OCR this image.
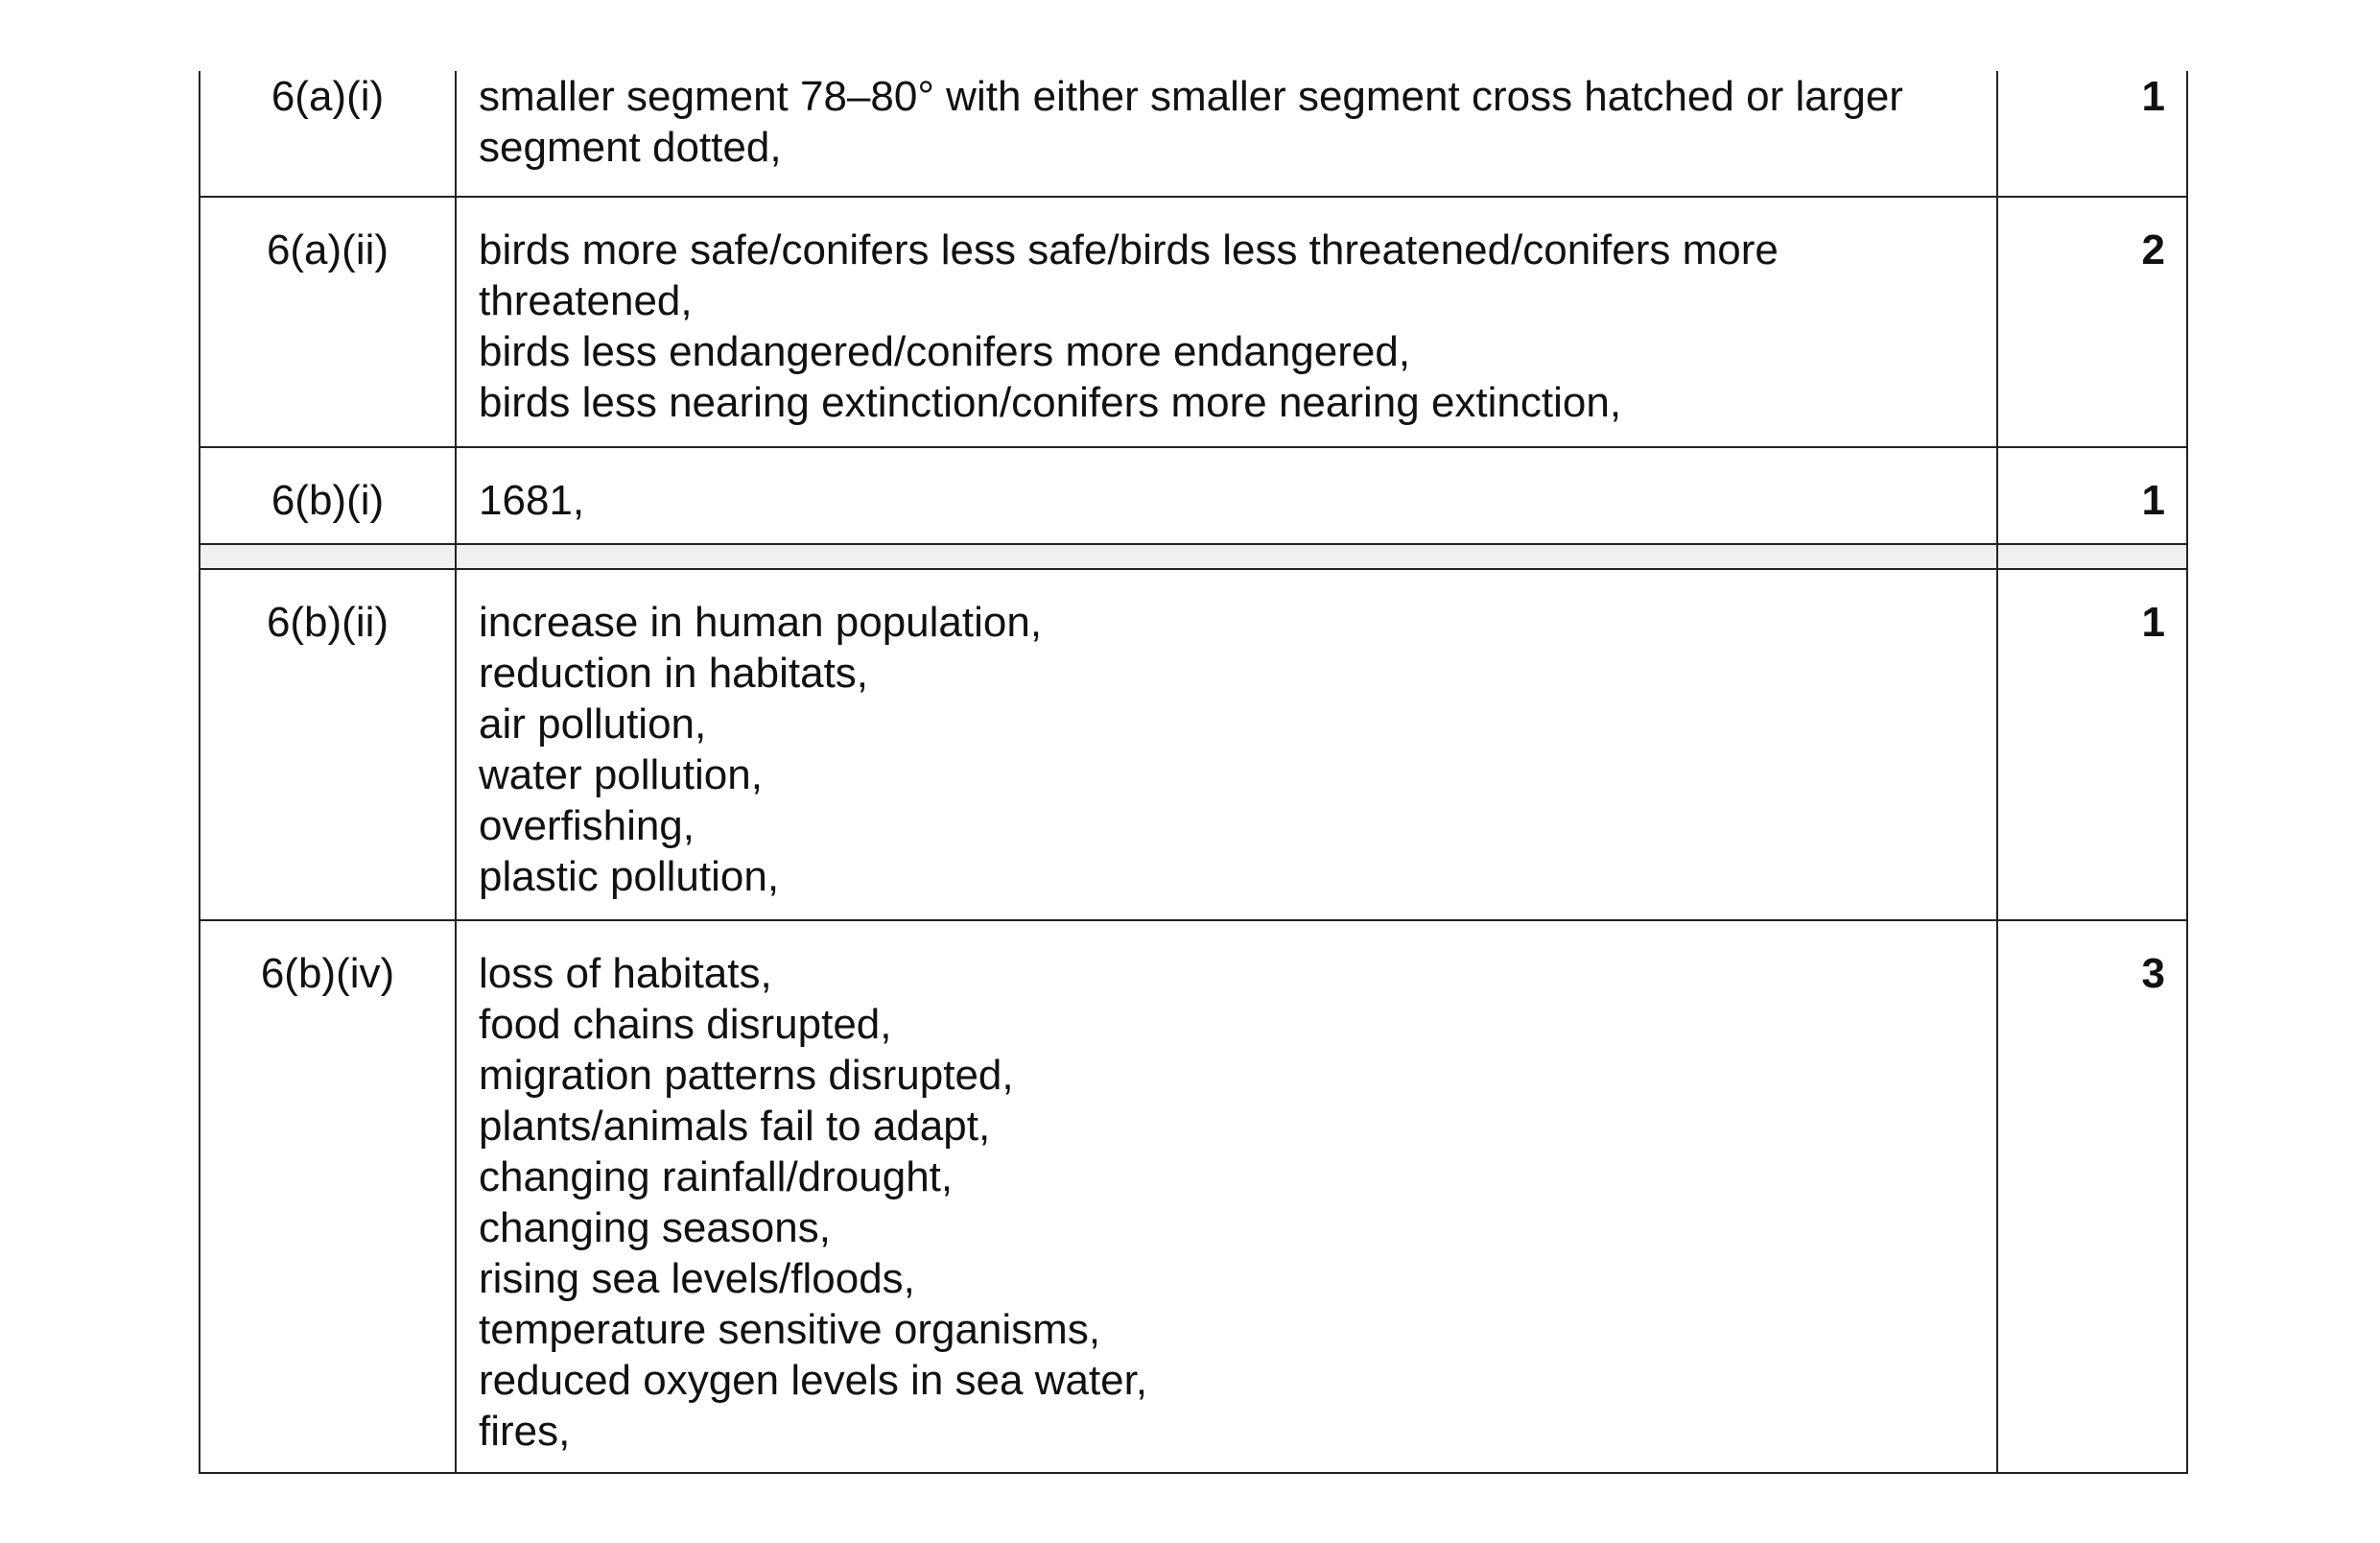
6(a)(i)	smaller segment 78–80° with either smaller segment cross hatched or larger
segment dotted,
1
6(a)(ii)	birds more safe/conifers less safe/birds less threatened/conifers more
threatened,
birds less endangered/conifers more endangered,
birds less nearing extinction/conifers more nearing extinction,
2
6(b)(i)	1681,	1
6(b)(ii)	increase in human population,
reduction in habitats,
air pollution,
water pollution,
overfishing,
plastic pollution,
1
6(b)(iv)	loss of habitats,
food chains disrupted,
migration patterns disrupted,
plants/animals fail to adapt,
changing rainfall/drought,
changing seasons,
rising sea levels/floods,
temperature sensitive organisms,
reduced oxygen levels in sea water,
fires,
3
